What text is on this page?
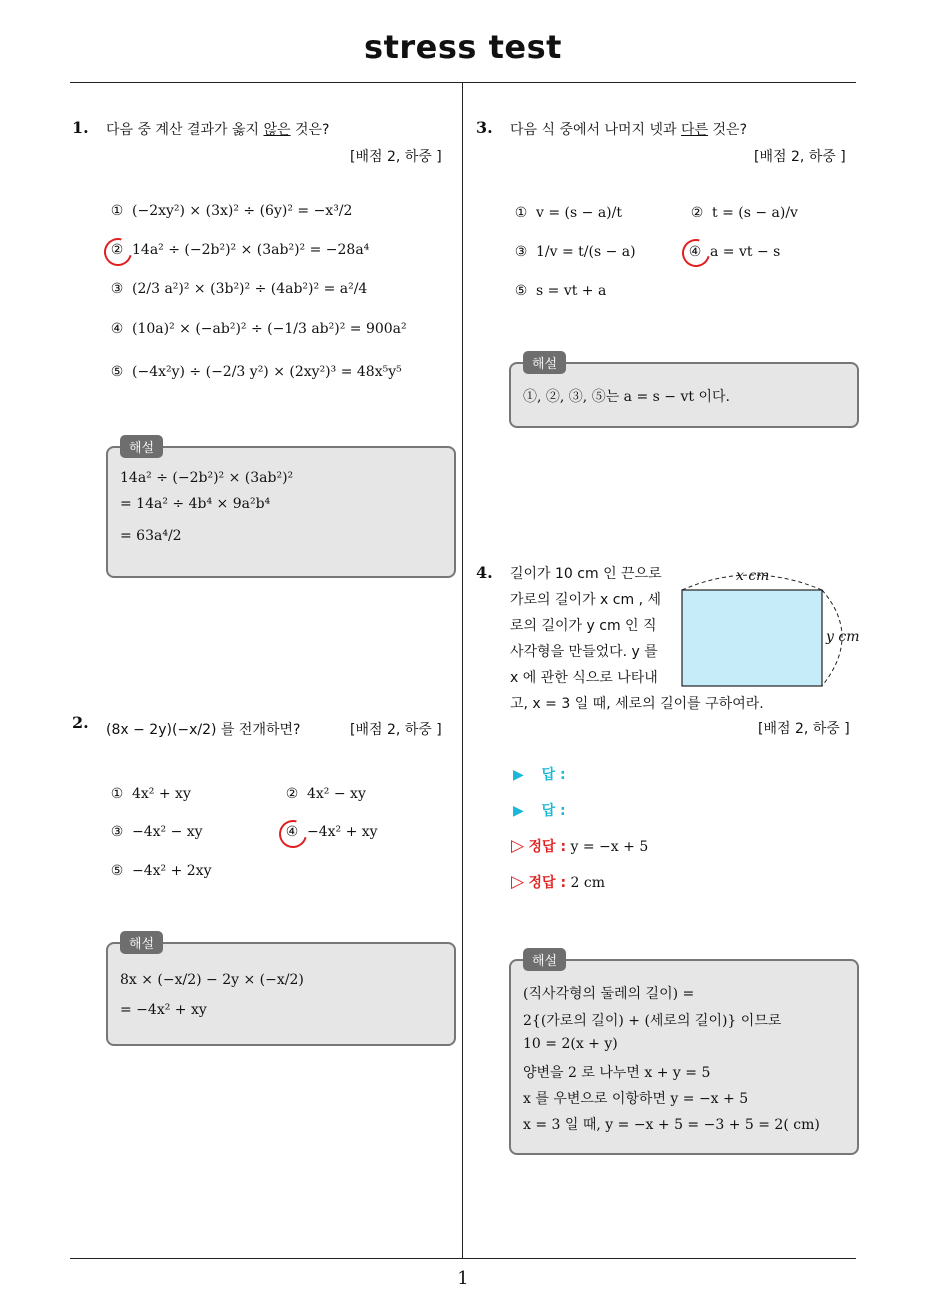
stress test
1
1. 다음 중 계산 결과가 옳지 않은 것은?
[배점 2, 하중 ]
① (−2xy²) × (3x)² ÷ (6y)² = −x³/2
② 14a² ÷ (−2b²)² × (3ab²)² = −28a⁴
③ (2/3 a²)² × (3b²)² ÷ (4ab²)² = a²/4
④ (10a)² × (−ab²)² ÷ (−1/3 ab²)² = 900a²
⑤ (−4x²y) ÷ (−2/3 y²) × (2xy²)³ = 48x⁵y⁵
14a² ÷ (−2b²)² × (3ab²)²
= 14a² ÷ 4b⁴ × 9a²b⁴
= 63a⁴/2
해설
2. (8x − 2y)(−x/2) 를 전개하면?	[배점 2, 하중 ]
① 4x² + xy	② 4x² − xy
③ −4x² − xy	④ −4x² + xy
⑤ −4x² + 2xy
8x × (−x/2) − 2y × (−x/2)
= −4x² + xy
해설
3. 다음 식 중에서 나머지 넷과 다른 것은?
[배점 2, 하중 ]
① v = (s − a)/t	② t = (s − a)/v
③ 1/v = t/(s − a)	④ a = vt − s
⑤ s = vt + a
①, ②, ③, ⑤는 a = s − vt 이다.
해설
4. 길이가 10 cm 인 끈으로
가로의 길이가 x cm , 세
로의 길이가 y cm 인 직
사각형을 만들었다. y 를
x 에 관한 식으로 나타내
고, x = 3 일 때, 세로의 길이를 구하여라.
x cm
y cm
[배점 2, 하중 ]
▶ 답 :
▶ 답 :
▷ 정답 : y = −x + 5
▷ 정답 : 2 cm
(직사각형의 둘레의 길이) =
2{(가로의 길이) + (세로의 길이)} 이므로
10 = 2(x + y)
양변을 2 로 나누면 x + y = 5
x 를 우변으로 이항하면 y = −x + 5
x = 3 일 때, y = −x + 5 = −3 + 5 = 2( cm)
해설
